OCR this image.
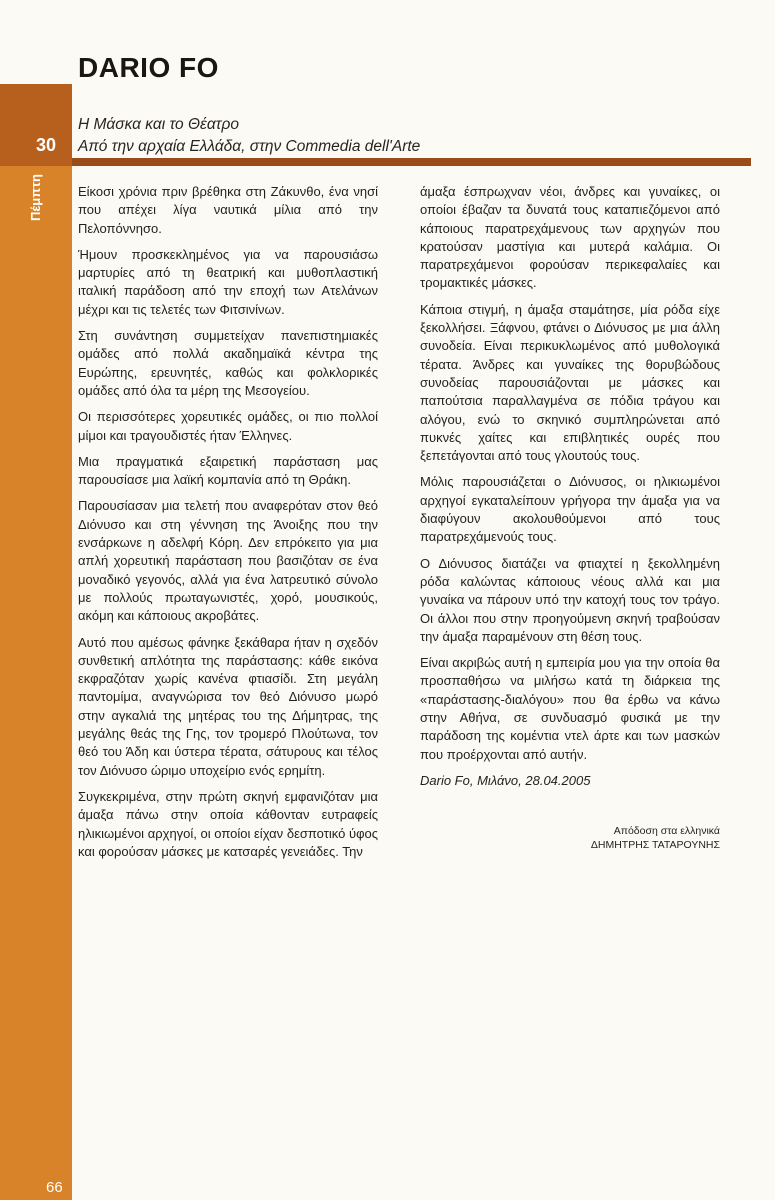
30
Πέμπτη
66
DARIO FO
Η Μάσκα και το Θέατρο
Από την αρχαία Ελλάδα, στην Commedia dell'Arte

Είκοσι χρόνια πριν βρέθηκα στη Ζάκυνθο, ένα νησί που απέχει λίγα ναυτικά μίλια από την Πελοπόννησο.

Ήμουν προσκεκλημένος για να παρουσιάσω μαρτυρίες από τη θεατρική και μυθοπλαστική ιταλική παράδοση από την εποχή των Ατελάνων μέχρι και τις τελετές των Φιτσινίνων.

Στη συνάντηση συμμετείχαν πανεπιστημιακές ομάδες από πολλά ακαδημαϊκά κέντρα της Ευρώπης, ερευνητές, καθώς και φολκλορικές ομάδες από όλα τα μέρη της Μεσογείου.

Οι περισσότερες χορευτικές ομάδες, οι πιο πολλοί μίμοι και τραγουδιστές ήταν Έλληνες.

Μια πραγματικά εξαιρετική παράσταση μας παρουσίασε μια λαϊκή κομπανία από τη Θράκη.

Παρουσίασαν μια τελετή που αναφερόταν στον θεό Διόνυσο και στη γέννηση της Άνοιξης που την ενσάρκωνε η αδελφή Κόρη. Δεν επρόκειτο για μια απλή χορευτική παράσταση που βασιζόταν σε ένα μοναδικό γεγονός, αλλά για ένα λατρευτικό σύνολο με πολλούς πρωταγωνιστές, χορό, μουσικούς, ακόμη και κάποιους ακροβάτες.

Αυτό που αμέσως φάνηκε ξεκάθαρα ήταν η σχεδόν συνθετική απλότητα της παράστασης: κάθε εικόνα εκφραζόταν χωρίς κανένα φτιασίδι. Στη μεγάλη παντομίμα, αναγνώρισα τον θεό Διόνυσο μωρό στην αγκαλιά της μητέρας του της Δήμητρας, της μεγάλης θεάς της Γης, τον τρομερό Πλούτωνα, τον θεό του Άδη και ύστερα τέρατα, σάτυρους και τέλος τον Διόνυσο ώριμο υποχείριο ενός ερημίτη.

Συγκεκριμένα, στην πρώτη σκηνή εμφανιζόταν μια άμαξα πάνω στην οποία κάθονταν ευτραφείς ηλικιωμένοι αρχηγοί, οι οποίοι είχαν δεσποτικό ύφος και φορούσαν μάσκες με κατσαρές γενειάδες. Την

άμαξα έσπρωχναν νέοι, άνδρες και γυναίκες, οι οποίοι έβαζαν τα δυνατά τους καταπιεζόμενοι από κάποιους παρατρεχάμενους των αρχηγών που κρατούσαν μαστίγια και μυτερά καλάμια. Οι παρατρεχάμενοι φορούσαν περικεφαλαίες και τρομακτικές μάσκες.

Κάποια στιγμή, η άμαξα σταμάτησε, μία ρόδα είχε ξεκολλήσει. Ξάφνου, φτάνει ο Διόνυσος με μια άλλη συνοδεία. Είναι περικυκλωμένος από μυθολογικά τέρατα. Άνδρες και γυναίκες της θορυβώδους συνοδείας παρουσιάζονται με μάσκες και παπούτσια παραλλαγμένα σε πόδια τράγου και αλόγου, ενώ το σκηνικό συμπληρώνεται από πυκνές χαίτες και επιβλητικές ουρές που ξεπετάγονται από τους γλουτούς τους.

Μόλις παρουσιάζεται ο Διόνυσος, οι ηλικιωμένοι αρχηγοί εγκαταλείπουν γρήγορα την άμαξα για να διαφύγουν ακολουθούμενοι από τους παρατρεχάμενούς τους.

Ο Διόνυσος διατάζει να φτιαχτεί η ξεκολλημένη ρόδα καλώντας κάποιους νέους αλλά και μια γυναίκα να πάρουν υπό την κατοχή τους τον τράγο. Οι άλλοι που στην προηγούμενη σκηνή τραβούσαν την άμαξα παραμένουν στη θέση τους.

Είναι ακριβώς αυτή η εμπειρία μου για την οποία θα προσπαθήσω να μιλήσω κατά τη διάρκεια της «παράστασης-διαλόγου» που θα έρθω να κάνω στην Αθήνα, σε συνδυασμό φυσικά με την παράδοση της κομέντια ντελ άρτε και των μασκών που προέρχονται από αυτήν.

Dario Fo, Μιλάνο, 28.04.2005

Απόδοση στα ελληνικά
ΔΗΜΗΤΡΗΣ ΤΑΤΑΡΟΥΝΗΣ
